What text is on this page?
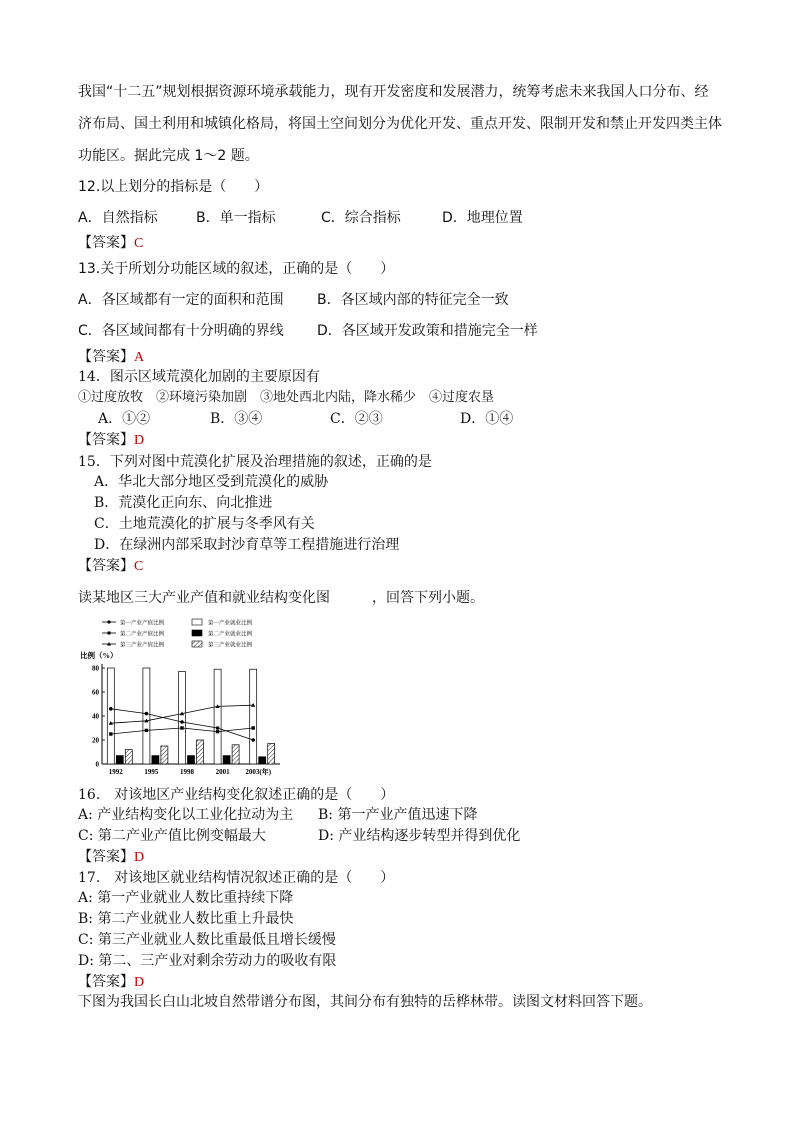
我国“十二五”规划根据资源环境承载能力，现有开发密度和发展潜力，统筹考虑未来我国人口分布、经
济布局、国土利用和城镇化格局，将国土空间划分为优化开发、重点开发、限制开发和禁止开发四类主体
功能区。据此完成 1～2 题。
12.以上划分的指标是（　　）
A．自然指标	B．单一指标	C．综合指标	D．地理位置
【答案】C
13.关于所划分功能区域的叙述，正确的是（　　）
A．各区域都有一定的面积和范围 B．各区域内部的特征完全一致
C．各区域间都有十分明确的界线 D．各区域开发政策和措施完全一样
【答案】A
14．图示区域荒漠化加剧的主要原因有
①过度放牧　②环境污染加剧　③地处西北内陆，降水稀少　④过度农垦
A．①②	B．③④	C．②③	D．①④
【答案】D
15．下列对图中荒漠化扩展及治理措施的叙述，正确的是
A．华北大部分地区受到荒漠化的威胁
B．荒漠化正向东、向北推进
C．土地荒漠化的扩展与冬季风有关
D．在绿洲内部采取封沙育草等工程措施进行治理
【答案】C
读某地区三大产业产值和就业结构变化图　　　，回答下列小题。
第一产业产值比例	第一产业就业比例
第二产业产值比例	第二产业就业比例
第三产业产值比例	第三产业就业比例
比例（%）
0
20
40
60
80
1992	1995	1998	2001 2003(年)
16.　对该地区产业结构变化叙述正确的是（　　）
A: 产业结构变化以工业化拉动为主 B: 第一产业产值迅速下降
C: 第二产业产值比例变幅最大	D: 产业结构逐步转型并得到优化
【答案】D
17.　对该地区就业结构情况叙述正确的是（　　）
A: 第一产业就业人数比重持续下降
B: 第二产业就业人数比重上升最快
C: 第三产业就业人数比重最低且增长缓慢
D: 第二、三产业对剩余劳动力的吸收有限
【答案】D
下图为我国长白山北坡自然带谱分布图，其间分布有独特的岳桦林带。读图文材料回答下题。
